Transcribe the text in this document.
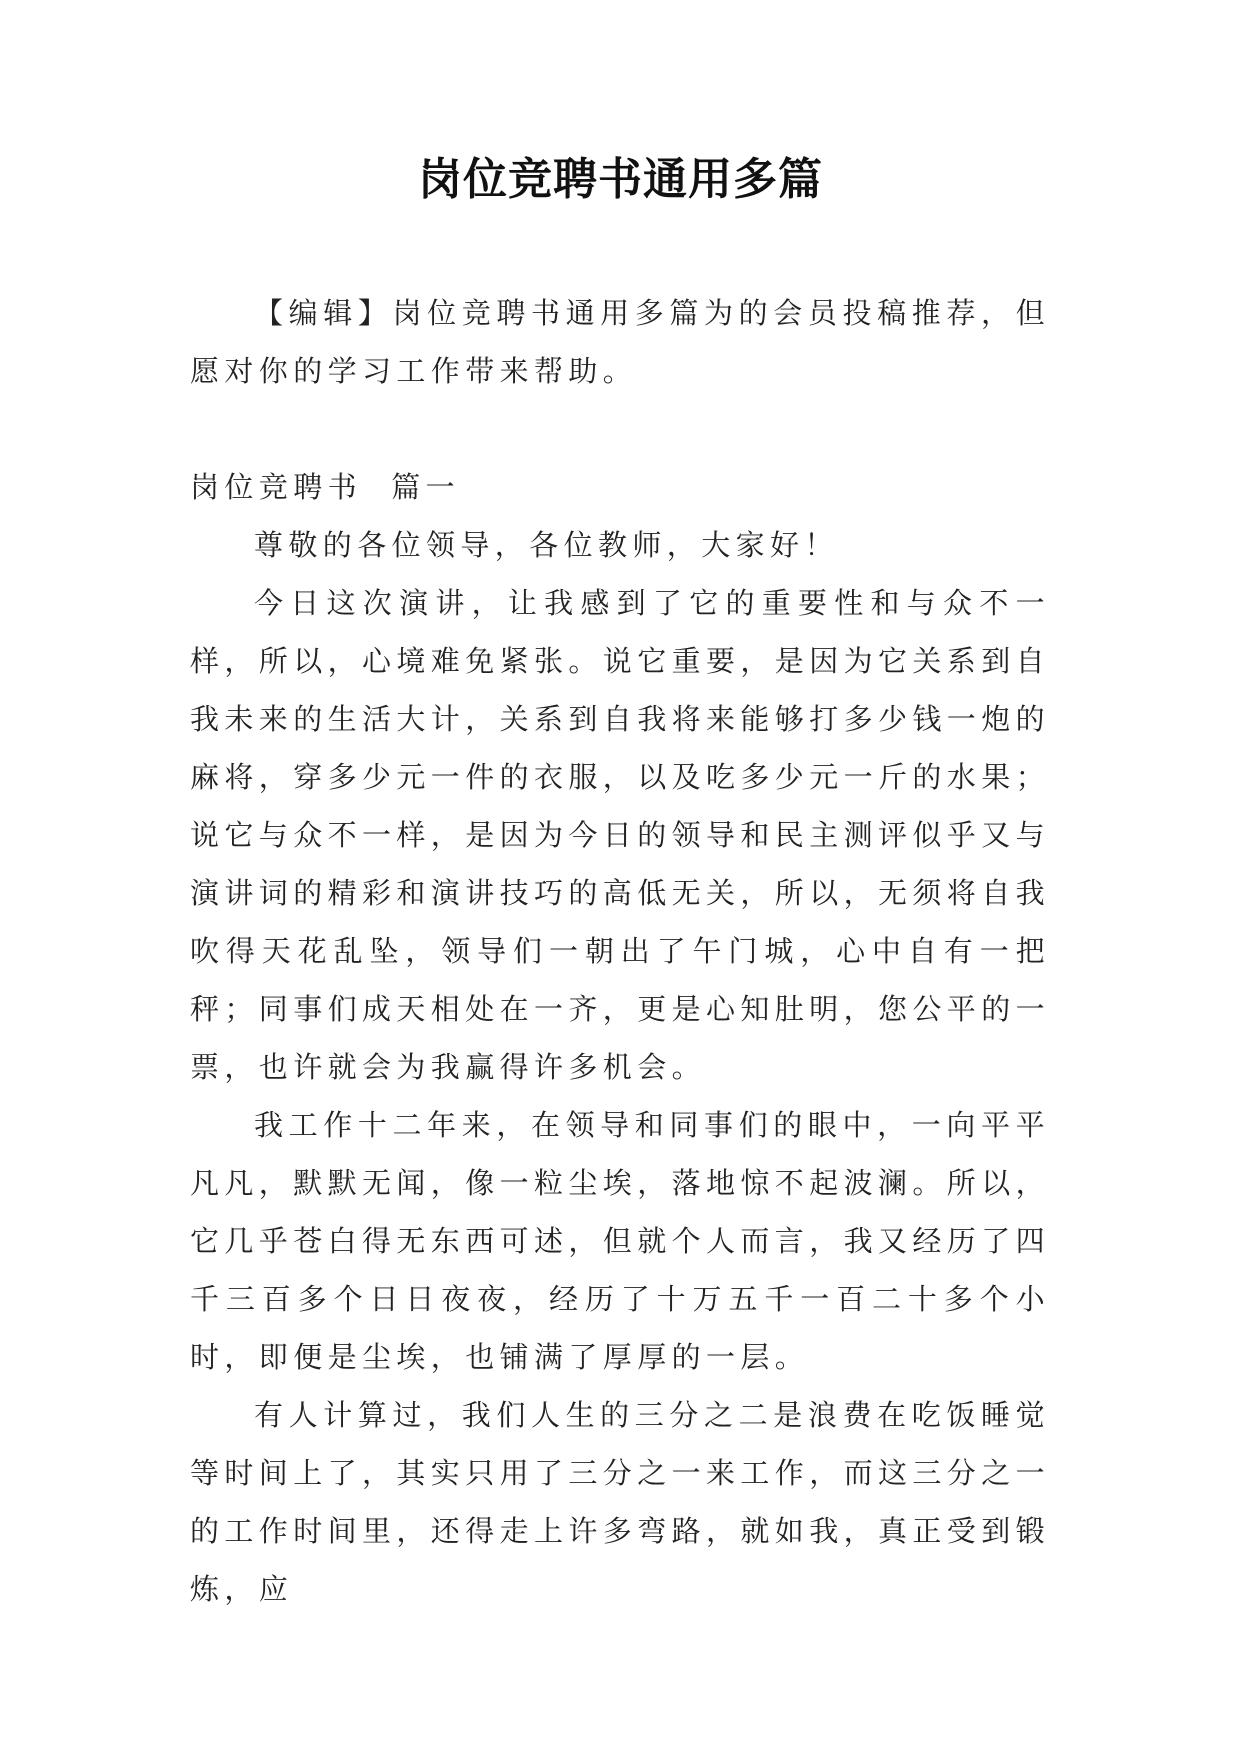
岗位竞聘书通用多篇

【编辑】岗位竞聘书通用多篇为的会员投稿推荐，但愿对你的学习工作带来帮助。

岗位竞聘书  篇一

尊敬的各位领导，各位教师，大家好！

今日这次演讲，让我感到了它的重要性和与众不一样，所以，心境难免紧张。说它重要，是因为它关系到自我未来的生活大计，关系到自我将来能够打多少钱一炮的麻将，穿多少元一件的衣服，以及吃多少元一斤的水果；说它与众不一样，是因为今日的领导和民主测评似乎又与演讲词的精彩和演讲技巧的高低无关，所以，无须将自我吹得天花乱坠，领导们一朝出了午门城，心中自有一把秤；同事们成天相处在一齐，更是心知肚明，您公平的一票，也许就会为我赢得许多机会。

我工作十二年来，在领导和同事们的眼中，一向平平凡凡，默默无闻，像一粒尘埃，落地惊不起波澜。所以，它几乎苍白得无东西可述，但就个人而言，我又经历了四千三百多个日日夜夜，经历了十万五千一百二十多个小时，即便是尘埃，也铺满了厚厚的一层。

有人计算过，我们人生的三分之二是浪费在吃饭睡觉等时间上了，其实只用了三分之一来工作，而这三分之一的工作时间里，还得走上许多弯路，就如我，真正受到锻炼，应
